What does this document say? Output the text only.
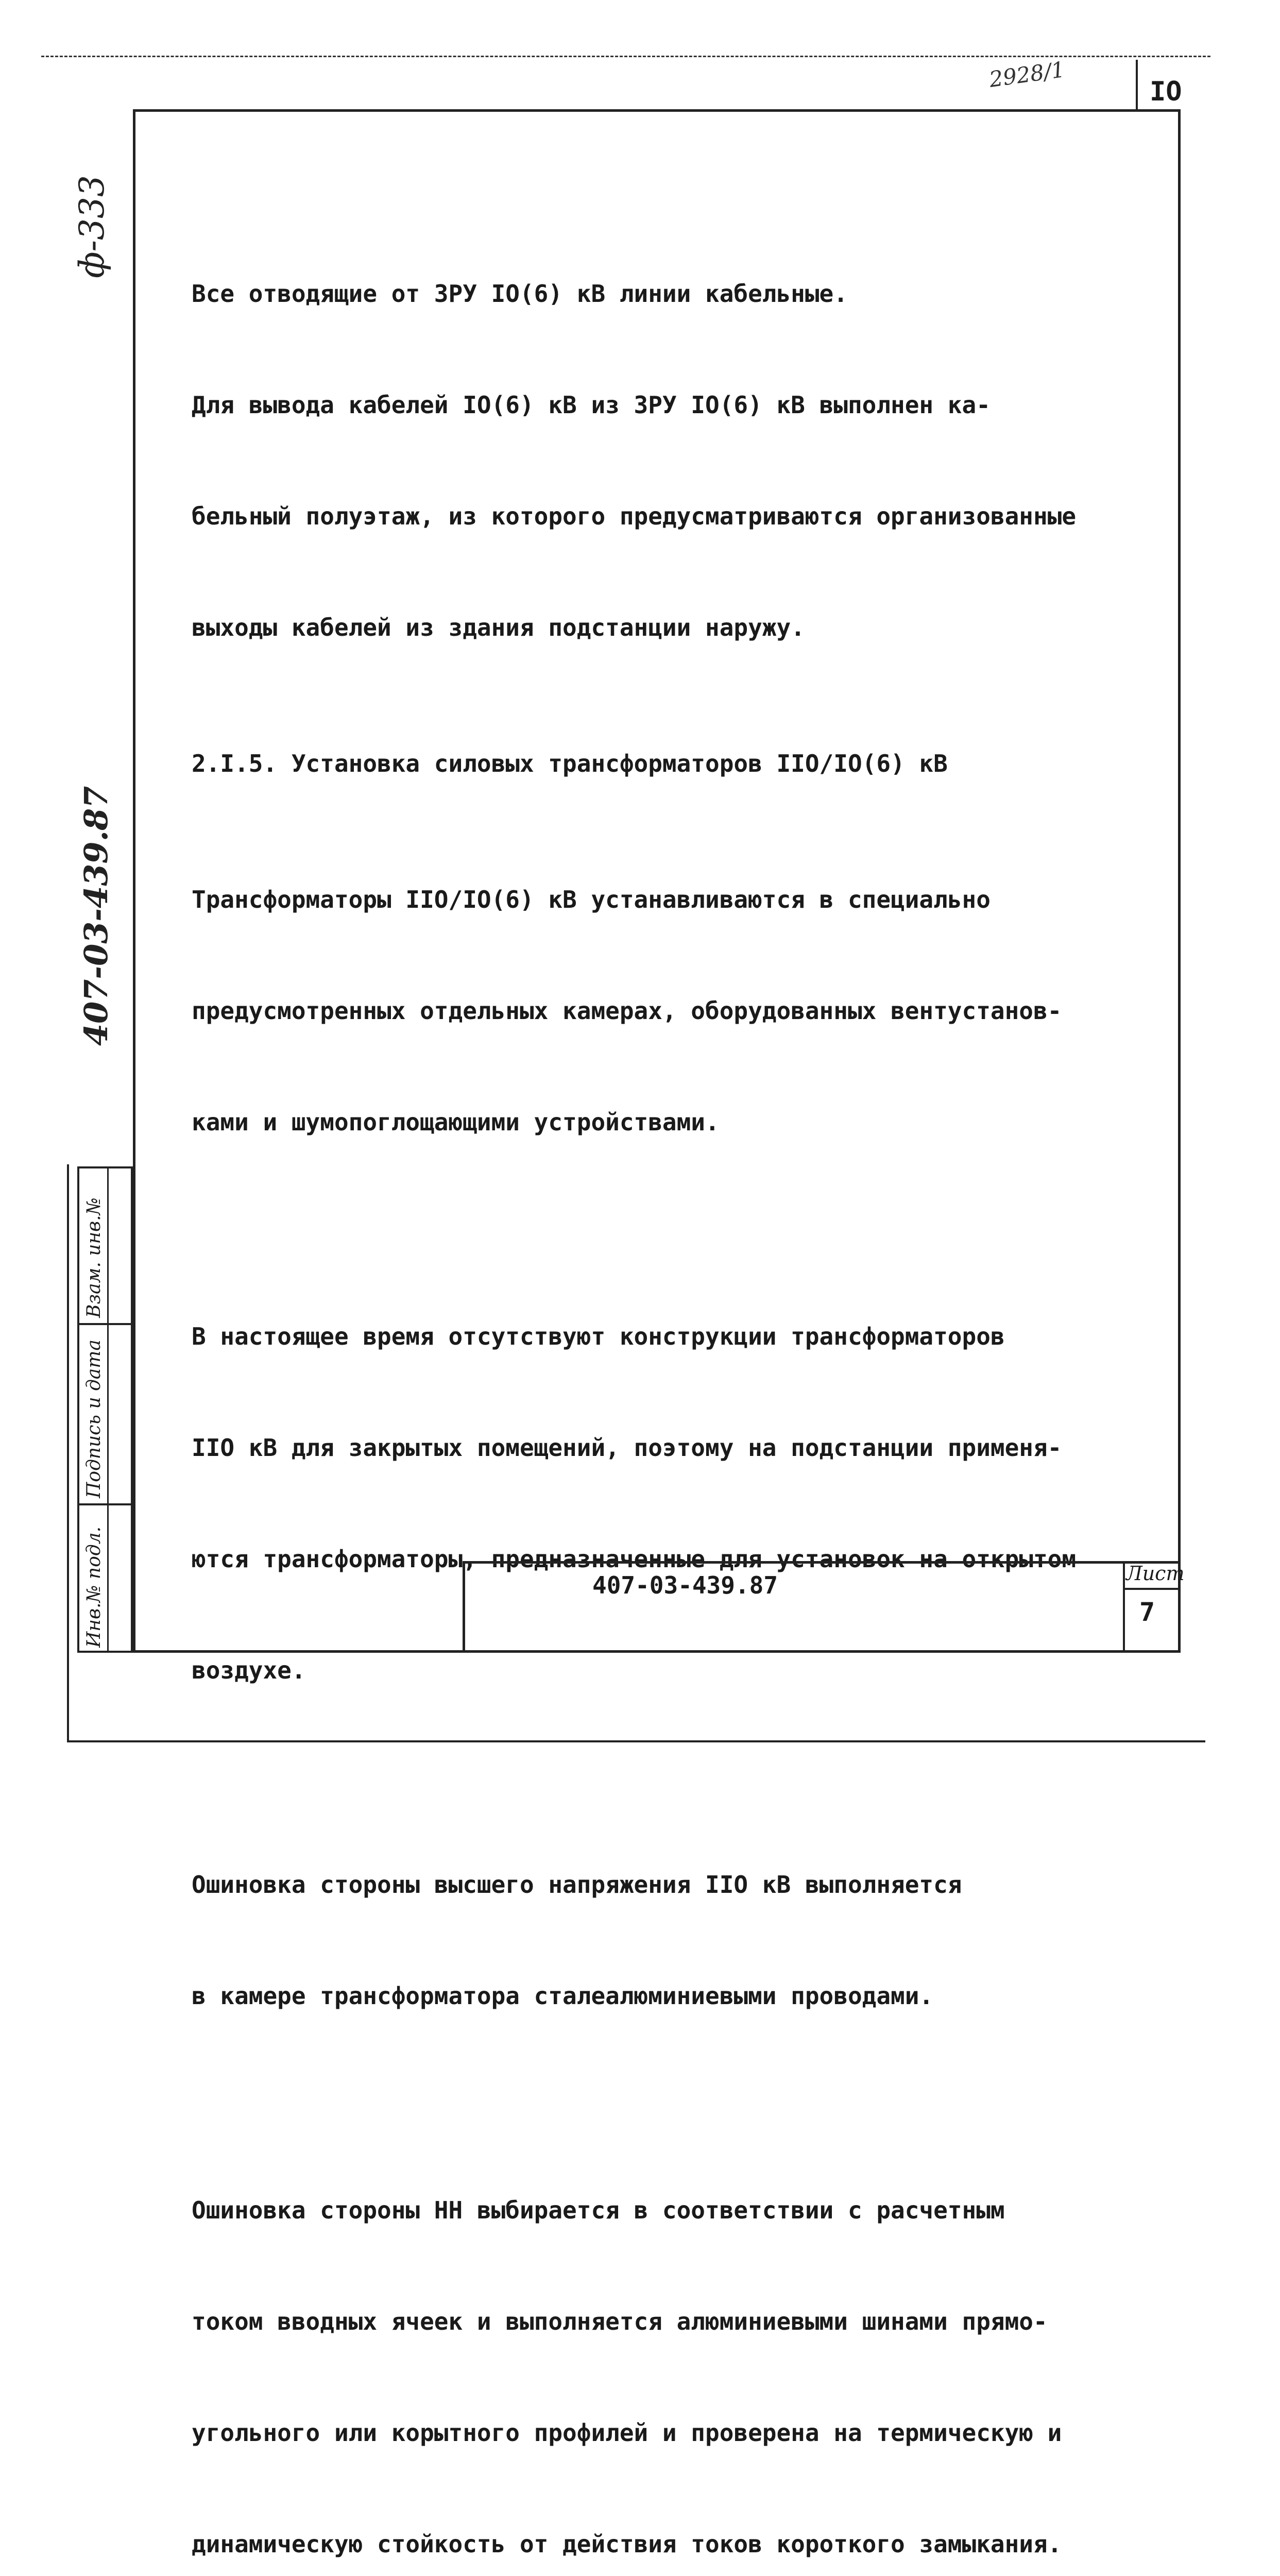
2928/1	IO
ф-333
407-03-439.87
Взам. инв.№
Подпись и дата
Инв.№ подл.

Все отводящие от ЗРУ IO(6) кВ линии кабельные.

Для вывода кабелей IO(6) кВ из ЗРУ IO(6) кВ выполнен ка-

бельный полуэтаж, из которого предусматриваются организованные

выходы кабелей из здания подстанции наружу.

2.I.5. Установка силовых трансформаторов IIO/IO(6) кВ

Трансформаторы IIO/IO(6) кВ устанавливаются в специально

предусмотренных отдельных камерах, оборудованных вентустанов-

ками и шумопоглощающими устройствами.

В настоящее время отсутствуют конструкции трансформаторов

IIO кВ для закрытых помещений, поэтому на подстанции применя-

ются трансформаторы, предназначенные для установок на открытом

воздухе.

Ошиновка стороны высшего напряжения IIO кВ выполняется

в камере трансформатора сталеалюминиевыми проводами.

Ошиновка стороны НН выбирается в соответствии с расчетным

током вводных ячеек и выполняется алюминиевыми шинами прямо-

угольного или корытного профилей и проверена на термическую и

динамическую стойкость от действия токов короткого замыкания.

407-03-439.87	Лист
7
